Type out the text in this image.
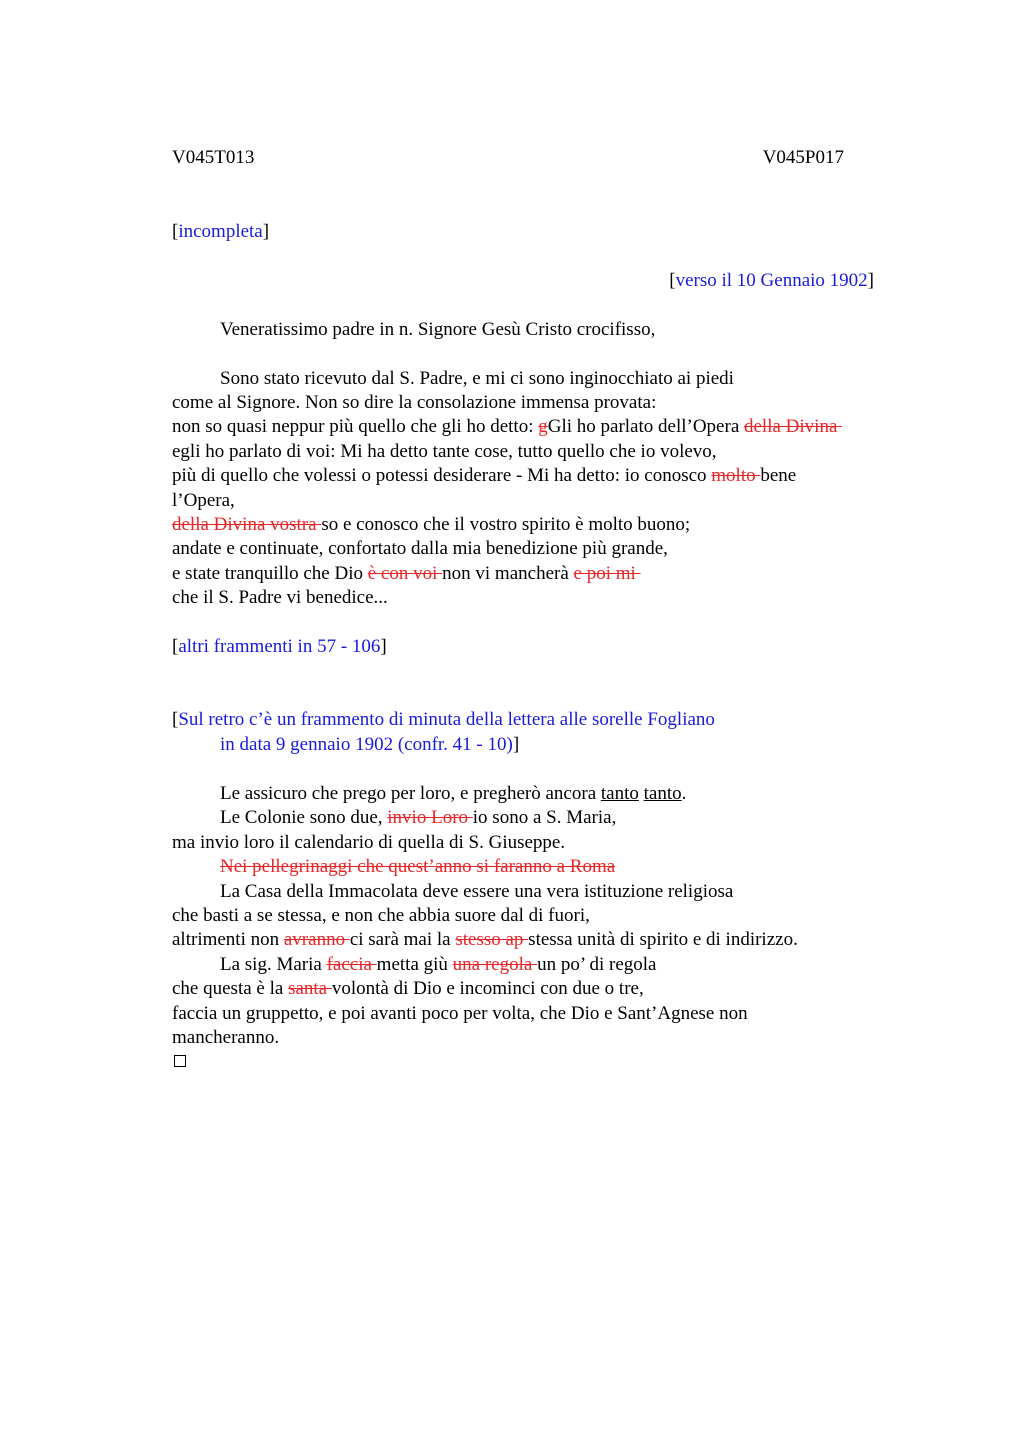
V045T013	V045P017
[incompleta]
[verso il 10 Gennaio 1902]
Veneratissimo padre in n. Signore Gesù Cristo crocifisso,
Sono stato ricevuto dal S. Padre, e mi ci sono inginocchiato ai piedi
come al Signore. Non so dire la consolazione immensa provata:
non so quasi neppur più quello che gli ho detto: gGli ho parlato dell’Opera della Divina
egli ho parlato di voi: Mi ha detto tante cose, tutto quello che io volevo,
più di quello che volessi o potessi desiderare - Mi ha detto: io conosco molto bene
l’Opera,
della Divina vostra so e conosco che il vostro spirito è molto buono;
andate e continuate, confortato dalla mia benedizione più grande,
e state tranquillo che Dio è con voi non vi mancherà e poi mi
che il S. Padre vi benedice...
[altri frammenti in 57 - 106]
[Sul retro c’è un frammento di minuta della lettera alle sorelle Fogliano
in data 9 gennaio 1902 (confr. 41 - 10)]
Le assicuro che prego per loro, e pregherò ancora tanto tanto.
Le Colonie sono due, invio Loro io sono a S. Maria,
ma invio loro il calendario di quella di S. Giuseppe.
Nei pellegrinaggi che quest’anno si faranno a Roma
La Casa della Immacolata deve essere una vera istituzione religiosa
che basti a se stessa, e non che abbia suore dal di fuori,
altrimenti non avranno ci sarà mai la stesso ap stessa unità di spirito e di indirizzo.
La sig. Maria faccia metta giù una regola un po’ di regola
che questa è la santa volontà di Dio e incominci con due o tre,
faccia un gruppetto, e poi avanti poco per volta, che Dio e Sant’Agnese non
mancheranno.
